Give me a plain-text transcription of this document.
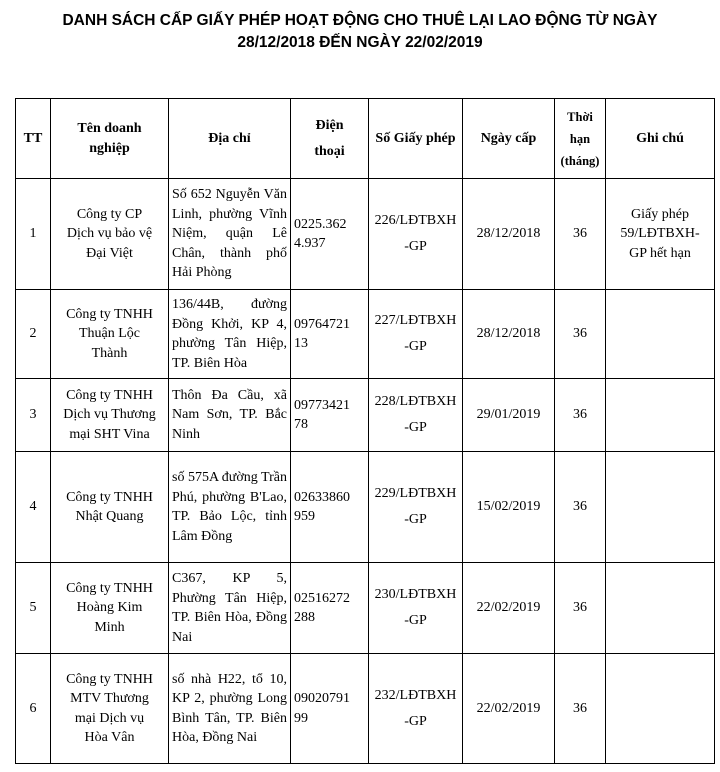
DANH SÁCH CẤP GIẤY PHÉP HOẠT ĐỘNG CHO THUÊ LẠI LAO ĐỘNG TỪ NGÀY
28/12/2018 ĐẾN NGÀY 22/02/2019
TT	Tên doanh
nghiệp	Địa chỉ	Điện
thoại	Số Giấy phép	Ngày cấp	Thời
hạn
(tháng)	Ghi chú
1	Công ty CP
Dịch vụ bảo vệ
Đại Việt	Số 652 Nguyễn Văn Linh, phường Vĩnh Niệm, quận Lê Chân, thành phố Hải Phòng	0225.362
4.937	226/LĐTBXH
-GP	28/12/2018	36	Giấy phép
59/LĐTBXH-
GP hết hạn
2	Công ty TNHH
Thuận Lộc
Thành	136/44B, đường Đồng Khởi, KP 4, phường Tân Hiệp, TP. Biên Hòa	09764721
13	227/LĐTBXH
-GP	28/12/2018	36	
3	Công ty TNHH
Dịch vụ Thương
mại SHT Vina	Thôn Đa Cầu, xã Nam Sơn, TP. Bắc Ninh	09773421
78	228/LĐTBXH
-GP	29/01/2019	36	
4	Công ty TNHH
Nhật Quang	số 575A đường Trần Phú, phường B'Lao, TP. Bảo Lộc, tỉnh Lâm Đồng	02633860
959	229/LĐTBXH
-GP	15/02/2019	36	
5	Công ty TNHH
Hoàng Kim
Minh	C367, KP 5, Phường Tân Hiệp, TP. Biên Hòa, Đồng Nai	02516272
288	230/LĐTBXH
-GP	22/02/2019	36	
6	Công ty TNHH
MTV Thương
mại Dịch vụ
Hòa Vân	số nhà H22, tổ 10, KP 2, phường Long Bình Tân, TP. Biên Hòa, Đồng Nai	09020791
99	232/LĐTBXH
-GP	22/02/2019	36	
